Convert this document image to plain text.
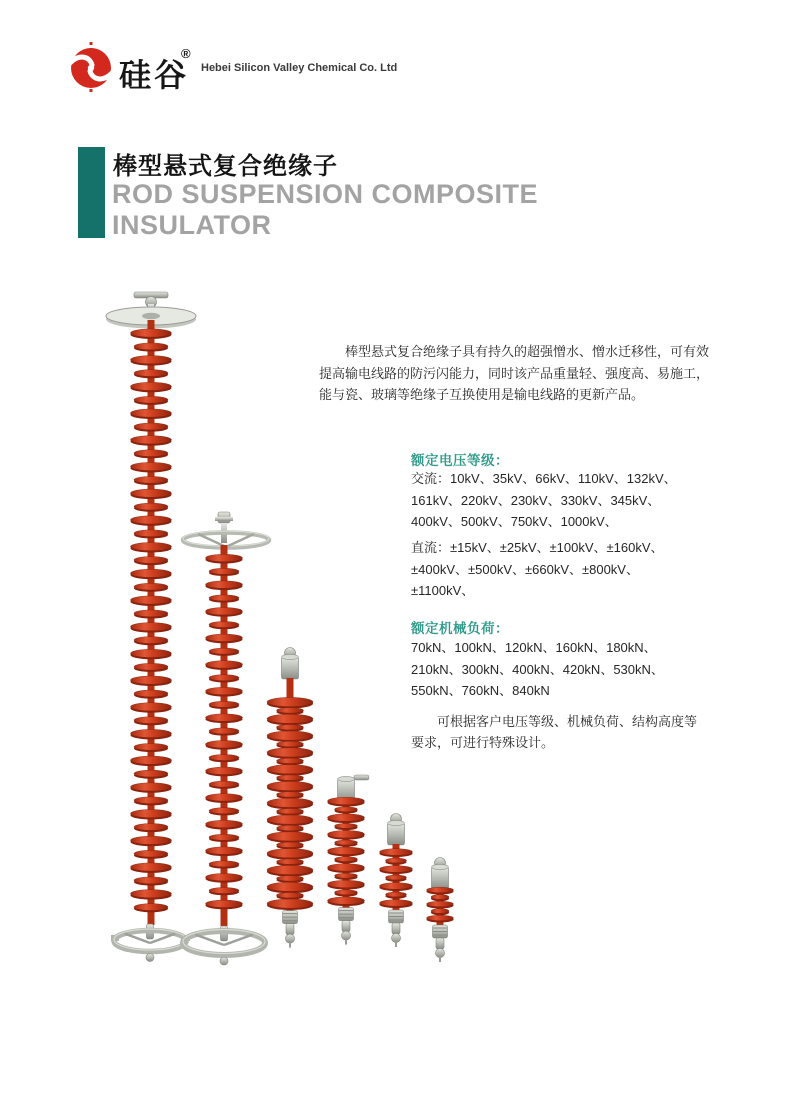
硅谷
®
Hebei Silicon Valley Chemical Co. Ltd
棒型悬式复合绝缘子
ROD SUSPENSION COMPOSITE
INSULATOR
　　棒型悬式复合绝缘子具有持久的超强憎水、憎水迁移性，可有效
提高输电线路的防污闪能力，同时该产品重量轻、强度高、易施工，
能与瓷、玻璃等绝缘子互换使用是输电线路的更新产品。
额定电压等级：
交流：10kV、35kV、66kV、110kV、132kV、
161kV、220kV、230kV、330kV、345kV、
400kV、500kV、750kV、1000kV、
直流：±15kV、±25kV、±100kV、±160kV、
±400kV、±500kV、±660kV、±800kV、
±1100kV、
额定机械负荷：
70kN、100kN、120kN、160kN、180kN、
210kN、300kN、400kN、420kN、530kN、
550kN、760kN、840kN
　　可根据客户电压等级、机械负荷、结构高度等
要求，可进行特殊设计。
